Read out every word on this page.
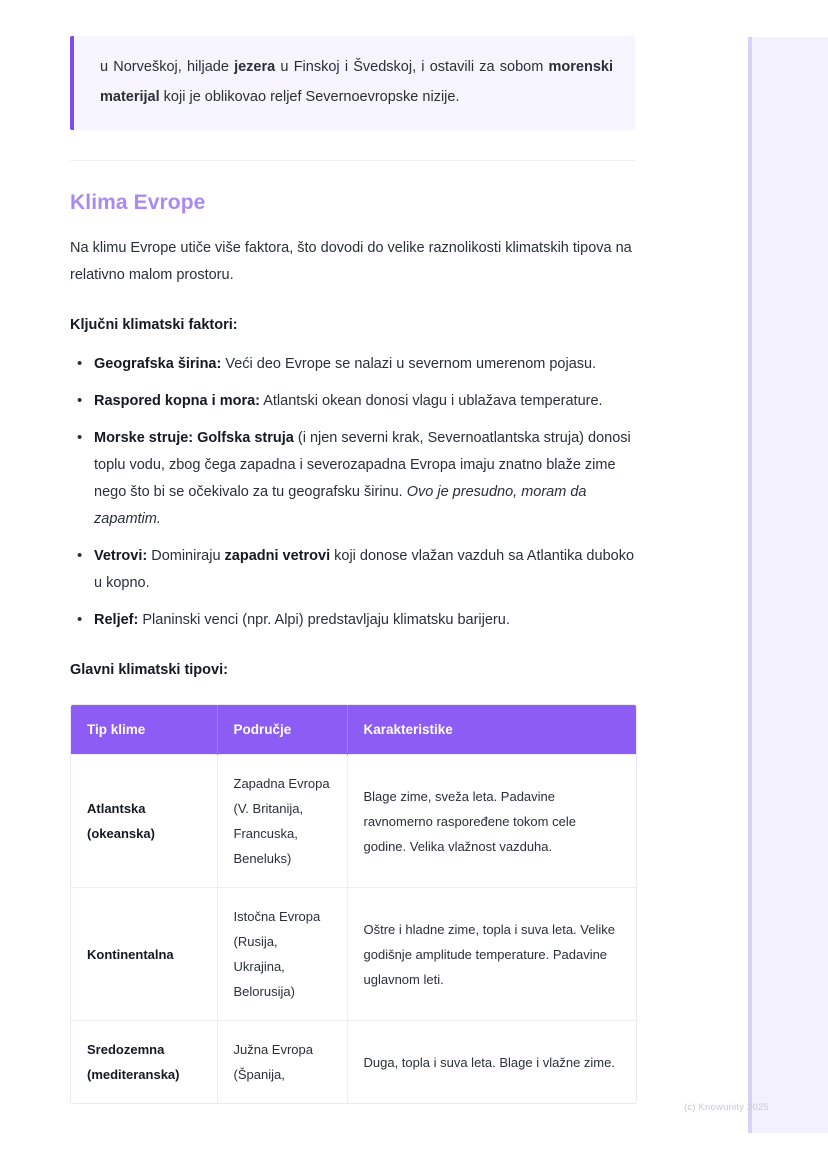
u Norveškoj, hiljade jezera u Finskoj i Švedskoj, i ostavili za sobom morenski materijal koji je oblikovao reljef Severnoevropske nizije.

Klima Evrope

Na klimu Evrope utiče više faktora, što dovodi do velike raznolikosti klimatskih tipova na relativno malom prostoru.

Ključni klimatski faktori:

• Geografska širina: Veći deo Evrope se nalazi u severnom umerenom pojasu.
• Raspored kopna i mora: Atlantski okean donosi vlagu i ublažava temperature.
• Morske struje: Golfska struja (i njen severni krak, Severnoatlantska struja) donosi toplu vodu, zbog čega zapadna i severozapadna Evropa imaju znatno blaže zime nego što bi se očekivalo za tu geografsku širinu. Ovo je presudno, moram da zapamtim.
• Vetrovi: Dominiraju zapadni vetrovi koji donose vlažan vazduh sa Atlantika duboko u kopno.
• Reljef: Planinski venci (npr. Alpi) predstavljaju klimatsku barijeru.

Glavni klimatski tipovi:

Tip klime	Područje	Karakteristike
Atlantska (okeanska)	Zapadna Evropa (V. Britanija, Francuska, Beneluks)	Blage zime, sveža leta. Padavine ravnomerno raspoređene tokom cele godine. Velika vlažnost vazduha.
Kontinentalna	Istočna Evropa (Rusija, Ukrajina, Belorusija)	Oštre i hladne zime, topla i suva leta. Velike godišnje amplitude temperature. Padavine uglavnom leti.
Sredozemna (mediteranska)	Južna Evropa (Španija,	Duga, topla i suva leta. Blage i vlažne zime.
(c) Knowunity 2025
